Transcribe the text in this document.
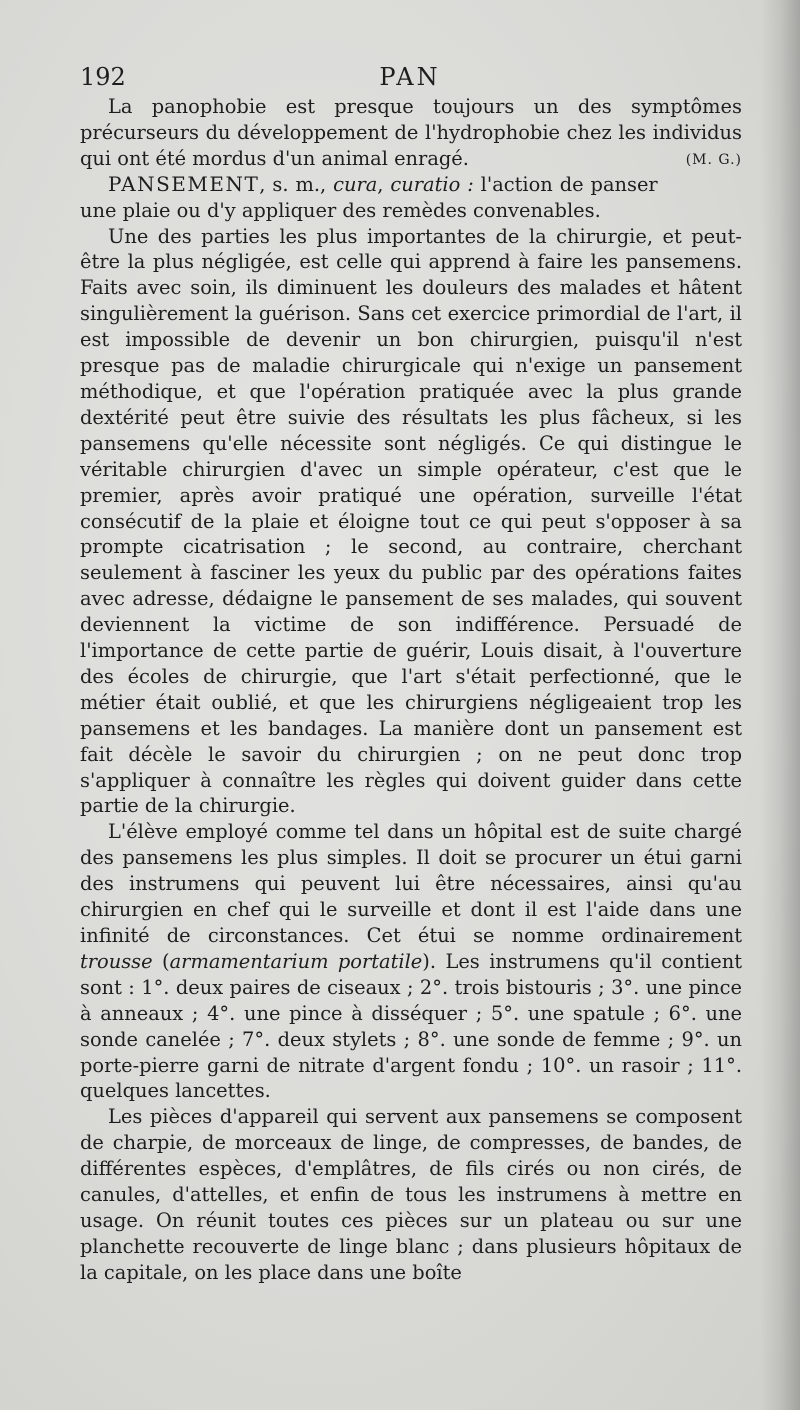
192	PAN

La panophobie est presque toujours un des symptômes précurseurs du développement de l'hydrophobie chez les individus qui ont été mordus d'un animal enragé.	(M. G.)

PANSEMENT, s. m., cura, curatio : l'action de panser une plaie ou d'y appliquer des remèdes convenables.

Une des parties les plus importantes de la chirurgie, et peut-être la plus négligée, est celle qui apprend à faire les pansemens. Faits avec soin, ils diminuent les douleurs des malades et hâtent singulièrement la guérison. Sans cet exercice primordial de l'art, il est impossible de devenir un bon chirurgien, puisqu'il n'est presque pas de maladie chirurgicale qui n'exige un pansement méthodique, et que l'opération pratiquée avec la plus grande dextérité peut être suivie des résultats les plus fâcheux, si les pansemens qu'elle nécessite sont négligés. Ce qui distingue le véritable chirurgien d'avec un simple opérateur, c'est que le premier, après avoir pratiqué une opération, surveille l'état consécutif de la plaie et éloigne tout ce qui peut s'opposer à sa prompte cicatrisation ; le second, au contraire, cherchant seulement à fasciner les yeux du public par des opérations faites avec adresse, dédaigne le pansement de ses malades, qui souvent deviennent la victime de son indifférence. Persuadé de l'importance de cette partie de guérir, Louis disait, à l'ouverture des écoles de chirurgie, que l'art s'était perfectionné, que le métier était oublié, et que les chirurgiens négligeaient trop les pansemens et les bandages. La manière dont un pansement est fait décèle le savoir du chirurgien ; on ne peut donc trop s'appliquer à connaître les règles qui doivent guider dans cette partie de la chirurgie.

L'élève employé comme tel dans un hôpital est de suite chargé des pansemens les plus simples. Il doit se procurer un étui garni des instrumens qui peuvent lui être nécessaires, ainsi qu'au chirurgien en chef qui le surveille et dont il est l'aide dans une infinité de circonstances. Cet étui se nomme ordinairement trousse (armamentarium portatile). Les instrumens qu'il contient sont : 1°. deux paires de ciseaux ; 2°. trois bistouris ; 3°. une pince à anneaux ; 4°. une pince à disséquer ; 5°. une spatule ; 6°. une sonde canelée ; 7°. deux stylets ; 8°. une sonde de femme ; 9°. un porte-pierre garni de nitrate d'argent fondu ; 10°. un rasoir ; 11°. quelques lancettes.

Les pièces d'appareil qui servent aux pansemens se composent de charpie, de morceaux de linge, de compresses, de bandes, de différentes espèces, d'emplâtres, de fils cirés ou non cirés, de canules, d'attelles, et enfin de tous les instrumens à mettre en usage. On réunit toutes ces pièces sur un plateau ou sur une planchette recouverte de linge blanc ; dans plusieurs hôpitaux de la capitale, on les place dans une boîte
